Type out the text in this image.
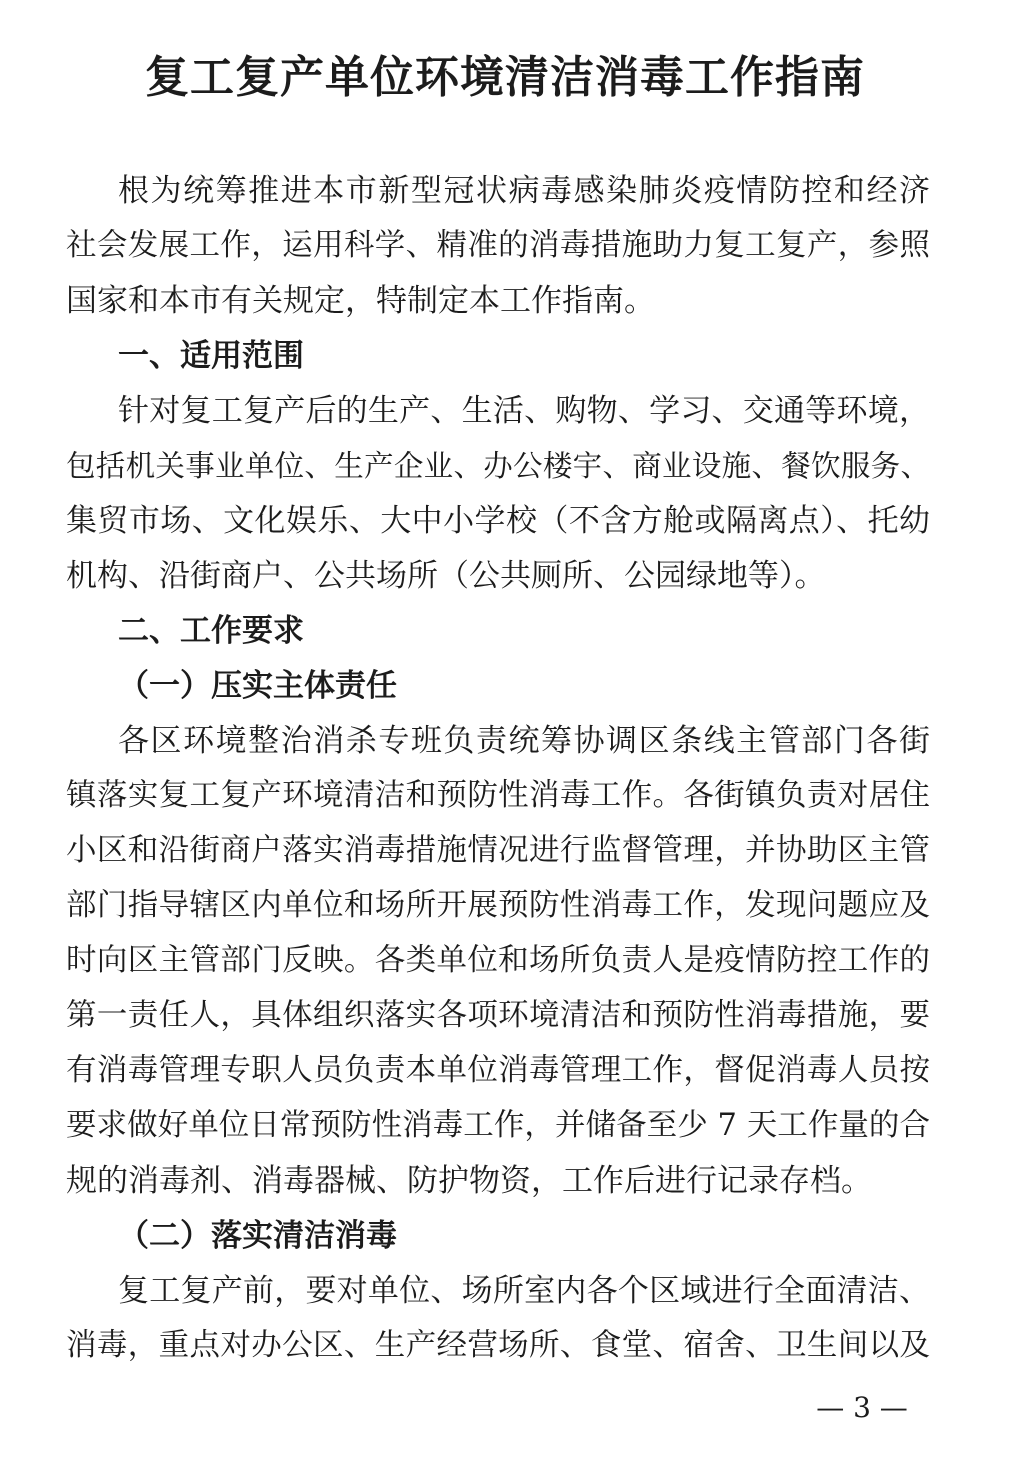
复工复产单位环境清洁消毒工作指南
根为统筹推进本市新型冠状病毒感染肺炎疫情防控和经济
社会发展工作，运用科学、精准的消毒措施助力复工复产，参照
国家和本市有关规定，特制定本工作指南。
一、适用范围
针对复工复产后的生产、生活、购物、学习、交通等环境，
包括机关事业单位、生产企业、办公楼宇、商业设施、餐饮服务、
集贸市场、文化娱乐、大中小学校（不含方舱或隔离点）、托幼
机构、沿街商户、公共场所（公共厕所、公园绿地等）。
二、工作要求
（一）压实主体责任
各区环境整治消杀专班负责统筹协调区条线主管部门各街
镇落实复工复产环境清洁和预防性消毒工作。各街镇负责对居住
小区和沿街商户落实消毒措施情况进行监督管理，并协助区主管
部门指导辖区内单位和场所开展预防性消毒工作，发现问题应及
时向区主管部门反映。各类单位和场所负责人是疫情防控工作的
第一责任人，具体组织落实各项环境清洁和预防性消毒措施，要
有消毒管理专职人员负责本单位消毒管理工作，督促消毒人员按
要求做好单位日常预防性消毒工作，并储备至少 7 天工作量的合
规的消毒剂、消毒器械、防护物资，工作后进行记录存档。
（二）落实清洁消毒
复工复产前，要对单位、场所室内各个区域进行全面清洁、
消毒，重点对办公区、生产经营场所、食堂、宿舍、卫生间以及
— 3 —
